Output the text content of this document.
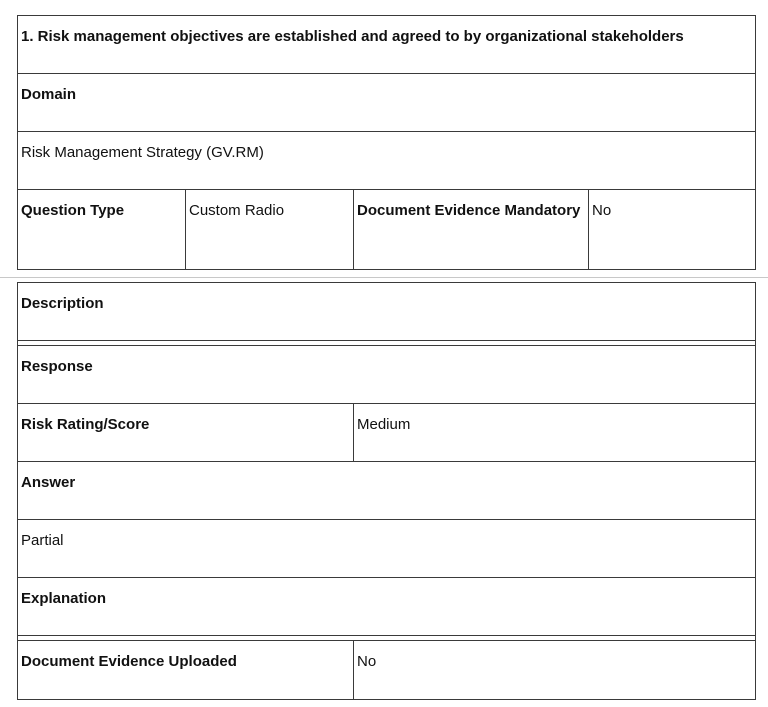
1. Risk management objectives are established and agreed to by organizational stakeholders
Domain
Risk Management Strategy (GV.RM)
Question Type	Custom Radio	Document Evidence Mandatory No
Description
Response
Risk Rating/Score	Medium
Answer
Partial
Explanation
Document Evidence Uploaded	No
